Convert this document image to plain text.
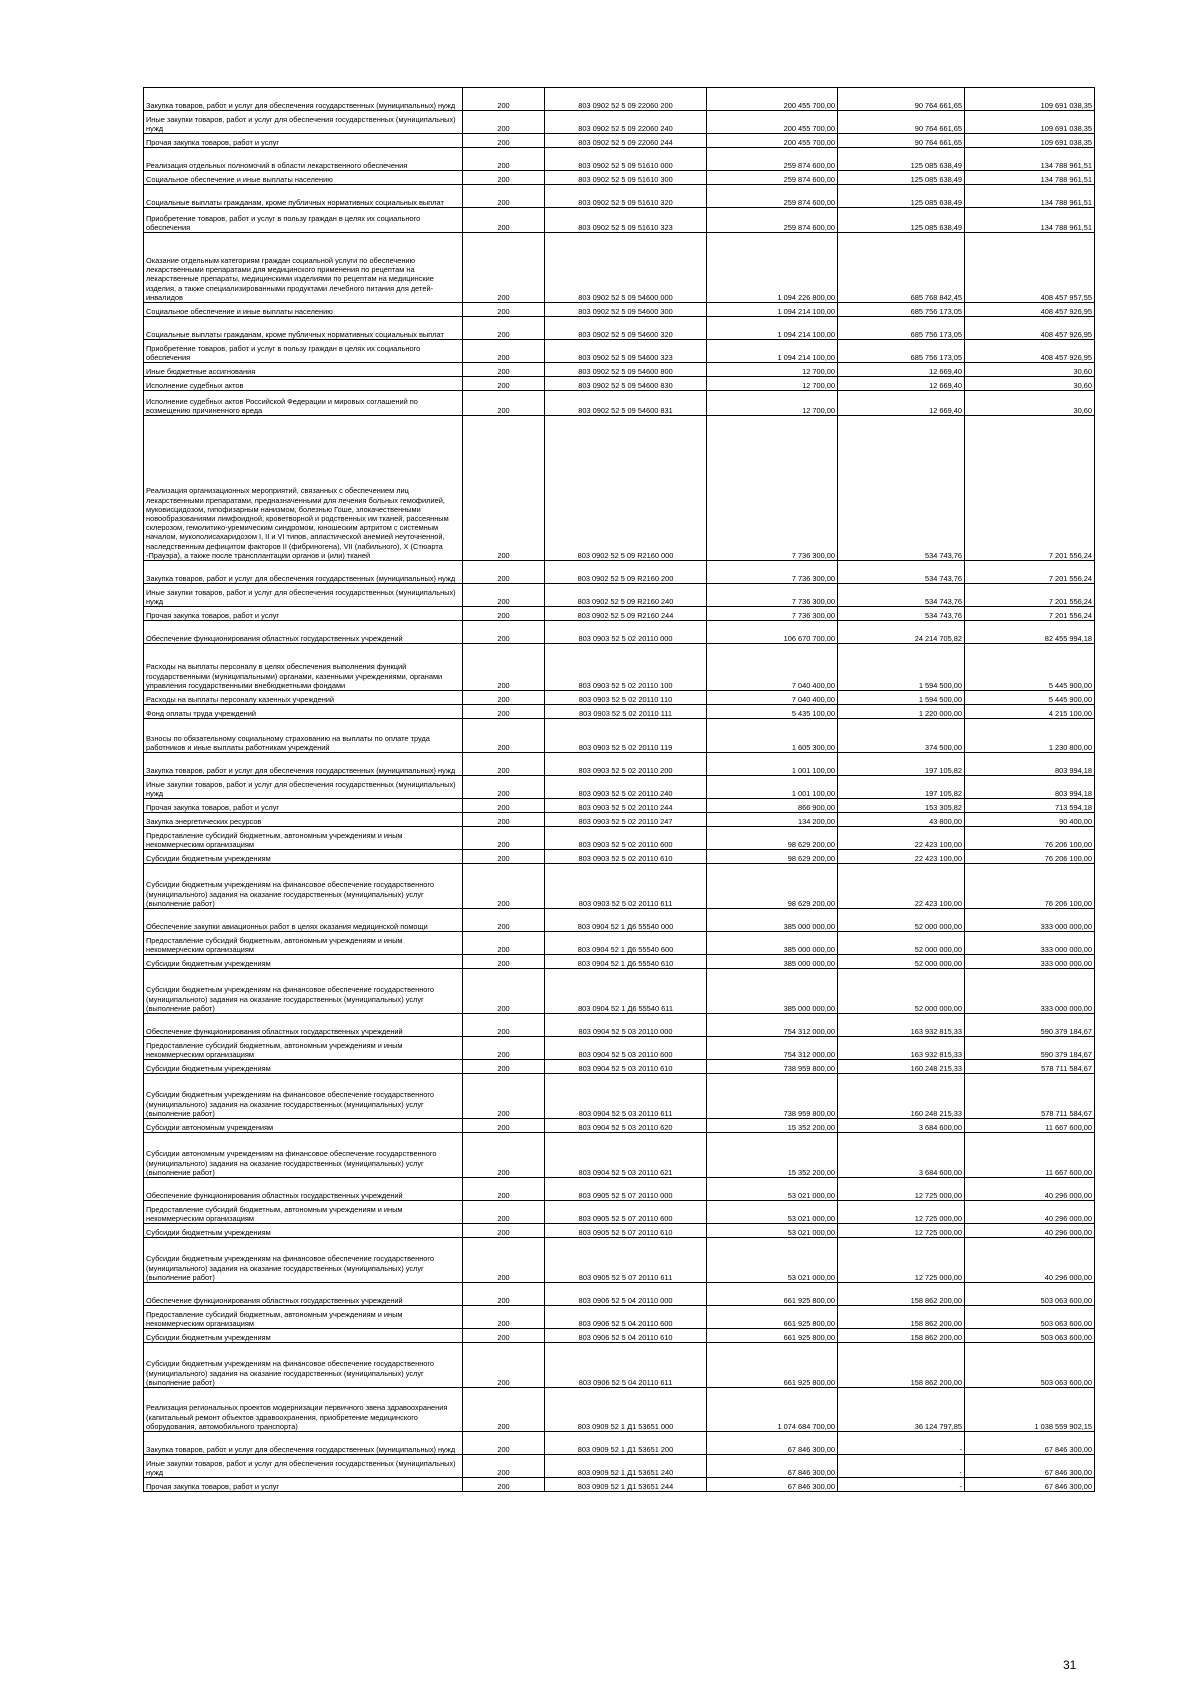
Закупка товаров, работ и услуг для обеспечения государственных (муниципальных) нужд	200	803 0902 52 5 09 22060 200	200 455 700,00	90 764 661,65	109 691 038,35
Иные закупки товаров, работ и услуг для обеспечения государственных (муниципальных) нужд	200	803 0902 52 5 09 22060 240	200 455 700,00	90 764 661,65	109 691 038,35
Прочая закупка товаров, работ и услуг	200	803 0902 52 5 09 22060 244	200 455 700,00	90 764 661,65	109 691 038,35
Реализация отдельных полномочий в области лекарственного обеспечения	200	803 0902 52 5 09 51610 000	259 874 600,00	125 085 638,49	134 788 961,51
Социальное обеспечение и иные выплаты населению	200	803 0902 52 5 09 51610 300	259 874 600,00	125 085 638,49	134 788 961,51
Социальные выплаты гражданам, кроме публичных нормативных социальных выплат	200	803 0902 52 5 09 51610 320	259 874 600,00	125 085 638,49	134 788 961,51
Приобретение товаров, работ и услуг в пользу граждан в целях их социального обеспечения	200	803 0902 52 5 09 51610 323	259 874 600,00	125 085 638,49	134 788 961,51
Оказание отдельным категориям граждан социальной услуги по обеспечению лекарственными препаратами для медицинского применения по рецептам на лекарственные препараты, медицинскими изделиями по рецептам на медицинские изделия, а также специализированными продуктами лечебного питания для детей-инвалидов	200	803 0902 52 5 09 54600 000	1 094 226 800,00	685 768 842,45	408 457 957,55
Социальное обеспечение и иные выплаты населению	200	803 0902 52 5 09 54600 300	1 094 214 100,00	685 756 173,05	408 457 926,95
Социальные выплаты гражданам, кроме публичных нормативных социальных выплат	200	803 0902 52 5 09 54600 320	1 094 214 100,00	685 756 173,05	408 457 926,95
Приобретение товаров, работ и услуг в пользу граждан в целях их социального обеспечения	200	803 0902 52 5 09 54600 323	1 094 214 100,00	685 756 173,05	408 457 926,95
Иные бюджетные ассигнования	200	803 0902 52 5 09 54600 800	12 700,00	12 669,40	30,60
Исполнение судебных актов	200	803 0902 52 5 09 54600 830	12 700,00	12 669,40	30,60
Исполнение судебных актов Российской Федерации и мировых соглашений по возмещению причиненного вреда	200	803 0902 52 5 09 54600 831	12 700,00	12 669,40	30,60
Реализация организационных мероприятий, связанных с обеспечением лиц лекарственными препаратами, предназначенными для лечения больных гемофилией, муковисцидозом, гипофизарным нанизмом, болезнью Гоше, злокачественными новообразованиями лимфоидной, кроветворной и родственных им тканей, рассеянным склерозом, гемолитико-уремическим синдромом, юношеским артритом с системным началом, мукополисахаридозом I, II и VI типов, апластической анемией неуточненной, наследственным дефицитом факторов II (фибриногена), VII (лабильного), X (Стюарта -Прауэра), а также после трансплантации органов и (или) тканей	200	803 0902 52 5 09 R2160 000	7 736 300,00	534 743,76	7 201 556,24
Закупка товаров, работ и услуг для обеспечения государственных (муниципальных) нужд	200	803 0902 52 5 09 R2160 200	7 736 300,00	534 743,76	7 201 556,24
Иные закупки товаров, работ и услуг для обеспечения государственных (муниципальных) нужд	200	803 0902 52 5 09 R2160 240	7 736 300,00	534 743,76	7 201 556,24
Прочая закупка товаров, работ и услуг	200	803 0902 52 5 09 R2160 244	7 736 300,00	534 743,76	7 201 556,24
Обеспечение функционирования областных государственных учреждений	200	803 0903 52 5 02 20110 000	106 670 700,00	24 214 705,82	82 455 994,18
Расходы на выплаты персоналу в целях обеспечения выполнения функций государственными (муниципальными) органами, казенными учреждениями, органами управления государственными внебюджетными фондами	200	803 0903 52 5 02 20110 100	7 040 400,00	1 594 500,00	5 445 900,00
Расходы на выплаты персоналу казенных учреждений	200	803 0903 52 5 02 20110 110	7 040 400,00	1 594 500,00	5 445 900,00
Фонд оплаты труда учреждений	200	803 0903 52 5 02 20110 111	5 435 100,00	1 220 000,00	4 215 100,00
Взносы по обязательному социальному страхованию на выплаты по оплате труда работников и иные выплаты работникам учреждений	200	803 0903 52 5 02 20110 119	1 605 300,00	374 500,00	1 230 800,00
Закупка товаров, работ и услуг для обеспечения государственных (муниципальных) нужд	200	803 0903 52 5 02 20110 200	1 001 100,00	197 105,82	803 994,18
Иные закупки товаров, работ и услуг для обеспечения государственных (муниципальных) нужд	200	803 0903 52 5 02 20110 240	1 001 100,00	197 105,82	803 994,18
Прочая закупка товаров, работ и услуг	200	803 0903 52 5 02 20110 244	866 900,00	153 305,82	713 594,18
Закупка энергетических ресурсов	200	803 0903 52 5 02 20110 247	134 200,00	43 800,00	90 400,00
Предоставление субсидий бюджетным, автономным учреждениям и иным некоммерческим организациям	200	803 0903 52 5 02 20110 600	98 629 200,00	22 423 100,00	76 206 100,00
Субсидии бюджетным учреждениям	200	803 0903 52 5 02 20110 610	98 629 200,00	22 423 100,00	76 206 100,00
Субсидии бюджетным учреждениям на финансовое обеспечение государственного (муниципального) задания на оказание государственных (муниципальных) услуг (выполнение работ)	200	803 0903 52 5 02 20110 611	98 629 200,00	22 423 100,00	76 206 100,00
Обеспечение закупки авиационных работ в целях оказания медицинской помощи	200	803 0904 52 1 Д6 55540 000	385 000 000,00	52 000 000,00	333 000 000,00
Предоставление субсидий бюджетным, автономным учреждениям и иным некоммерческим организациям	200	803 0904 52 1 Д6 55540 600	385 000 000,00	52 000 000,00	333 000 000,00
Субсидии бюджетным учреждениям	200	803 0904 52 1 Д6 55540 610	385 000 000,00	52 000 000,00	333 000 000,00
Субсидии бюджетным учреждениям на финансовое обеспечение государственного (муниципального) задания на оказание государственных (муниципальных) услуг (выполнение работ)	200	803 0904 52 1 Д6 55540 611	385 000 000,00	52 000 000,00	333 000 000,00
Обеспечение функционирования областных государственных учреждений	200	803 0904 52 5 03 20110 000	754 312 000,00	163 932 815,33	590 379 184,67
Предоставление субсидий бюджетным, автономным учреждениям и иным некоммерческим организациям	200	803 0904 52 5 03 20110 600	754 312 000,00	163 932 815,33	590 379 184,67
Субсидии бюджетным учреждениям	200	803 0904 52 5 03 20110 610	738 959 800,00	160 248 215,33	578 711 584,67
Субсидии бюджетным учреждениям на финансовое обеспечение государственного (муниципального) задания на оказание государственных (муниципальных) услуг (выполнение работ)	200	803 0904 52 5 03 20110 611	738 959 800,00	160 248 215,33	578 711 584,67
Субсидии автономным учреждениям	200	803 0904 52 5 03 20110 620	15 352 200,00	3 684 600,00	11 667 600,00
Субсидии автономным учреждениям на финансовое обеспечение государственного (муниципального) задания на оказание государственных (муниципальных) услуг (выполнение работ)	200	803 0904 52 5 03 20110 621	15 352 200,00	3 684 600,00	11 667 600,00
Обеспечение функционирования областных государственных учреждений	200	803 0905 52 5 07 20110 000	53 021 000,00	12 725 000,00	40 296 000,00
Предоставление субсидий бюджетным, автономным учреждениям и иным некоммерческим организациям	200	803 0905 52 5 07 20110 600	53 021 000,00	12 725 000,00	40 296 000,00
Субсидии бюджетным учреждениям	200	803 0905 52 5 07 20110 610	53 021 000,00	12 725 000,00	40 296 000,00
Субсидии бюджетным учреждениям на финансовое обеспечение государственного (муниципального) задания на оказание государственных (муниципальных) услуг (выполнение работ)	200	803 0905 52 5 07 20110 611	53 021 000,00	12 725 000,00	40 296 000,00
Обеспечение функционирования областных государственных учреждений	200	803 0906 52 5 04 20110 000	661 925 800,00	158 862 200,00	503 063 600,00
Предоставление субсидий бюджетным, автономным учреждениям и иным некоммерческим организациям	200	803 0906 52 5 04 20110 600	661 925 800,00	158 862 200,00	503 063 600,00
Субсидии бюджетным учреждениям	200	803 0906 52 5 04 20110 610	661 925 800,00	158 862 200,00	503 063 600,00
Субсидии бюджетным учреждениям на финансовое обеспечение государственного (муниципального) задания на оказание государственных (муниципальных) услуг (выполнение работ)	200	803 0906 52 5 04 20110 611	661 925 800,00	158 862 200,00	503 063 600,00
Реализация региональных проектов модернизации первичного звена здравоохранения (капитальный ремонт объектов здравоохранения, приобретение медицинского оборудования, автомобильного транспорта)	200	803 0909 52 1 Д1 53651 000	1 074 684 700,00	36 124 797,85	1 038 559 902,15
Закупка товаров, работ и услуг для обеспечения государственных (муниципальных) нужд	200	803 0909 52 1 Д1 53651 200	67 846 300,00	-	67 846 300,00
Иные закупки товаров, работ и услуг для обеспечения государственных (муниципальных) нужд	200	803 0909 52 1 Д1 53651 240	67 846 300,00	-	67 846 300,00
Прочая закупка товаров, работ и услуг	200	803 0909 52 1 Д1 53651 244	67 846 300,00	-	67 846 300,00
31
